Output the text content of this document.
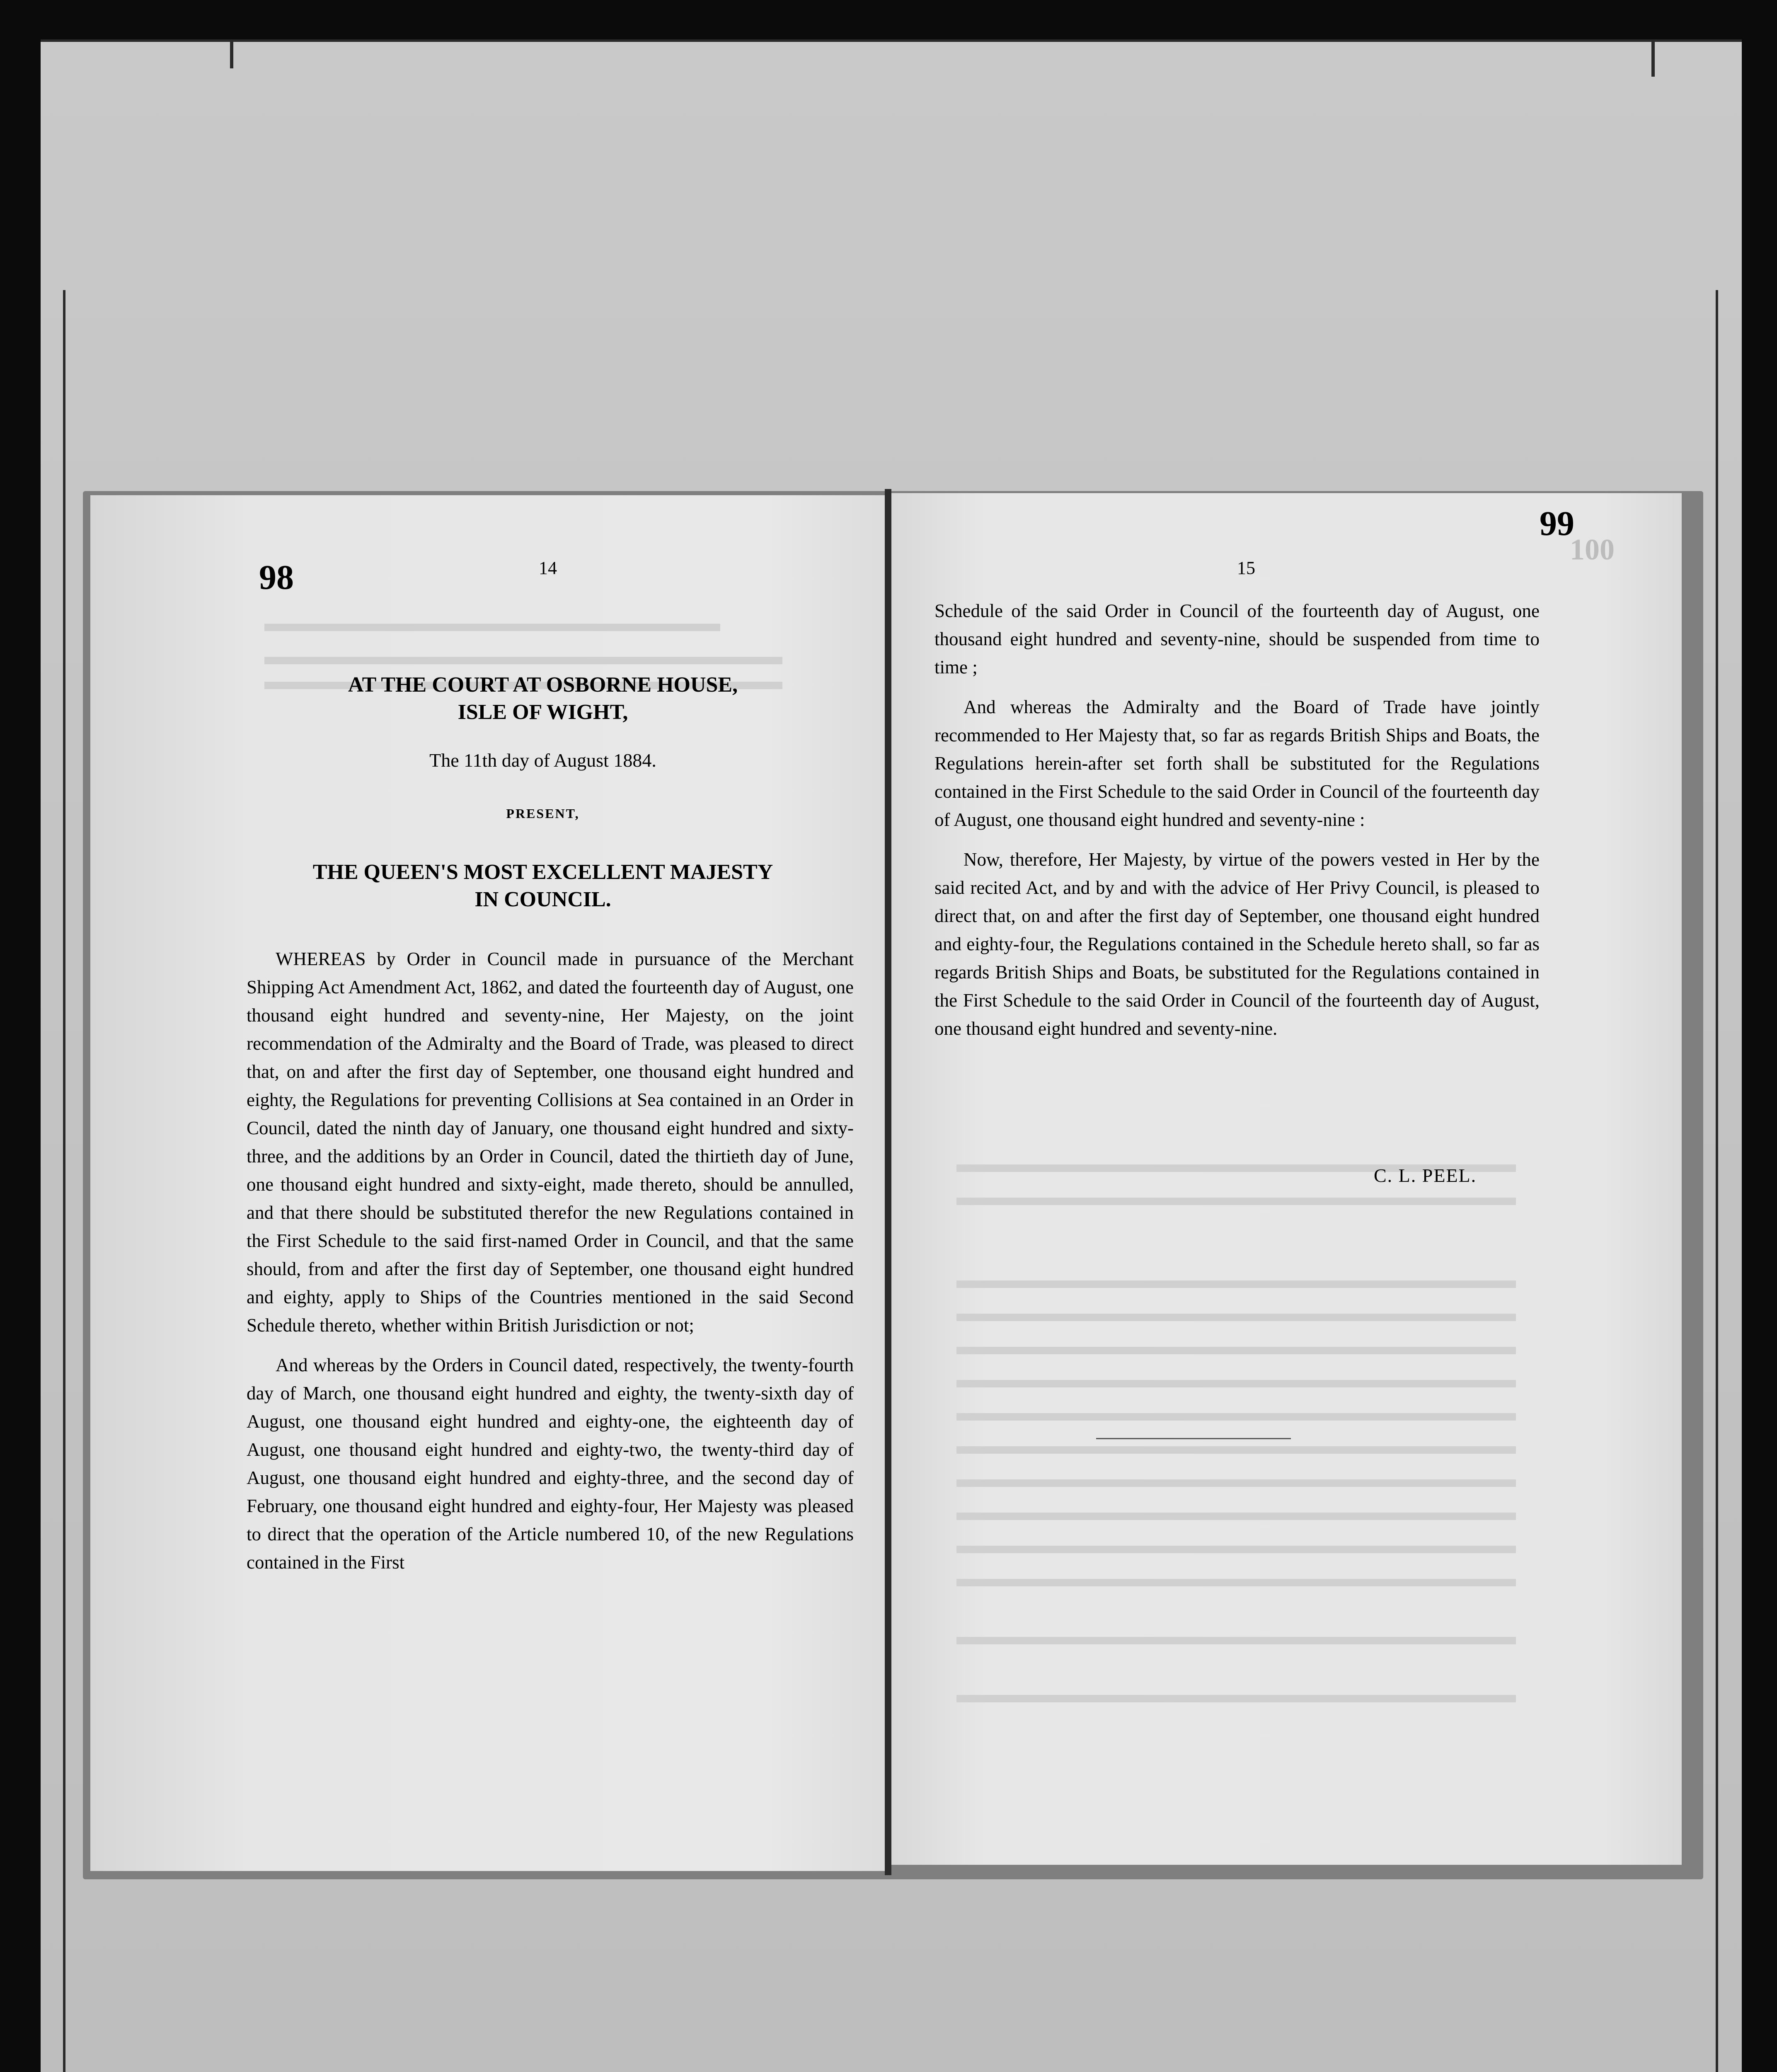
100
98	14
AT THE COURT AT OSBORNE HOUSE,
ISLE OF WIGHT,
The 11th day of August 1884.
PRESENT,
THE QUEEN'S MOST EXCELLENT MAJESTY
IN COUNCIL.

WHEREAS by Order in Council made in pursuance of the Merchant Shipping Act Amendment Act, 1862, and dated the fourteenth day of August, one thousand eight hundred and seventy-nine, Her Majesty, on the joint recommendation of the Admiralty and the Board of Trade, was pleased to direct that, on and after the first day of September, one thousand eight hundred and eighty, the Regulations for preventing Collisions at Sea contained in an Order in Council, dated the ninth day of January, one thousand eight hundred and sixty-three, and the additions by an Order in Council, dated the thirtieth day of June, one thousand eight hundred and sixty-eight, made thereto, should be annulled, and that there should be substituted therefor the new Regulations contained in the First Schedule to the said first-named Order in Council, and that the same should, from and after the first day of September, one thousand eight hundred and eighty, apply to Ships of the Countries mentioned in the said Second Schedule thereto, whether within British Jurisdiction or not;

And whereas by the Orders in Council dated, respectively, the twenty-fourth day of March, one thousand eight hundred and eighty, the twenty-sixth day of August, one thousand eight hundred and eighty-one, the eighteenth day of August, one thousand eight hundred and eighty-two, the twenty-third day of August, one thousand eight hundred and eighty-three, and the second day of February, one thousand eight hundred and eighty-four, Her Majesty was pleased to direct that the operation of the Article numbered 10, of the new Regulations contained in the First

15
99

Schedule of the said Order in Council of the fourteenth day of August, one thousand eight hundred and seventy-nine, should be suspended from time to time ;

And whereas the Admiralty and the Board of Trade have jointly recommended to Her Majesty that, so far as regards British Ships and Boats, the Regulations herein-after set forth shall be substituted for the Regulations contained in the First Schedule to the said Order in Council of the fourteenth day of August, one thousand eight hundred and seventy-nine :

Now, therefore, Her Majesty, by virtue of the powers vested in Her by the said recited Act, and by and with the advice of Her Privy Council, is pleased to direct that, on and after the first day of September, one thousand eight hundred and eighty-four, the Regulations contained in the Schedule hereto shall, so far as regards British Ships and Boats, be substituted for the Regulations contained in the First Schedule to the said Order in Council of the fourteenth day of August, one thousand eight hundred and seventy-nine.

C. L. PEEL.
